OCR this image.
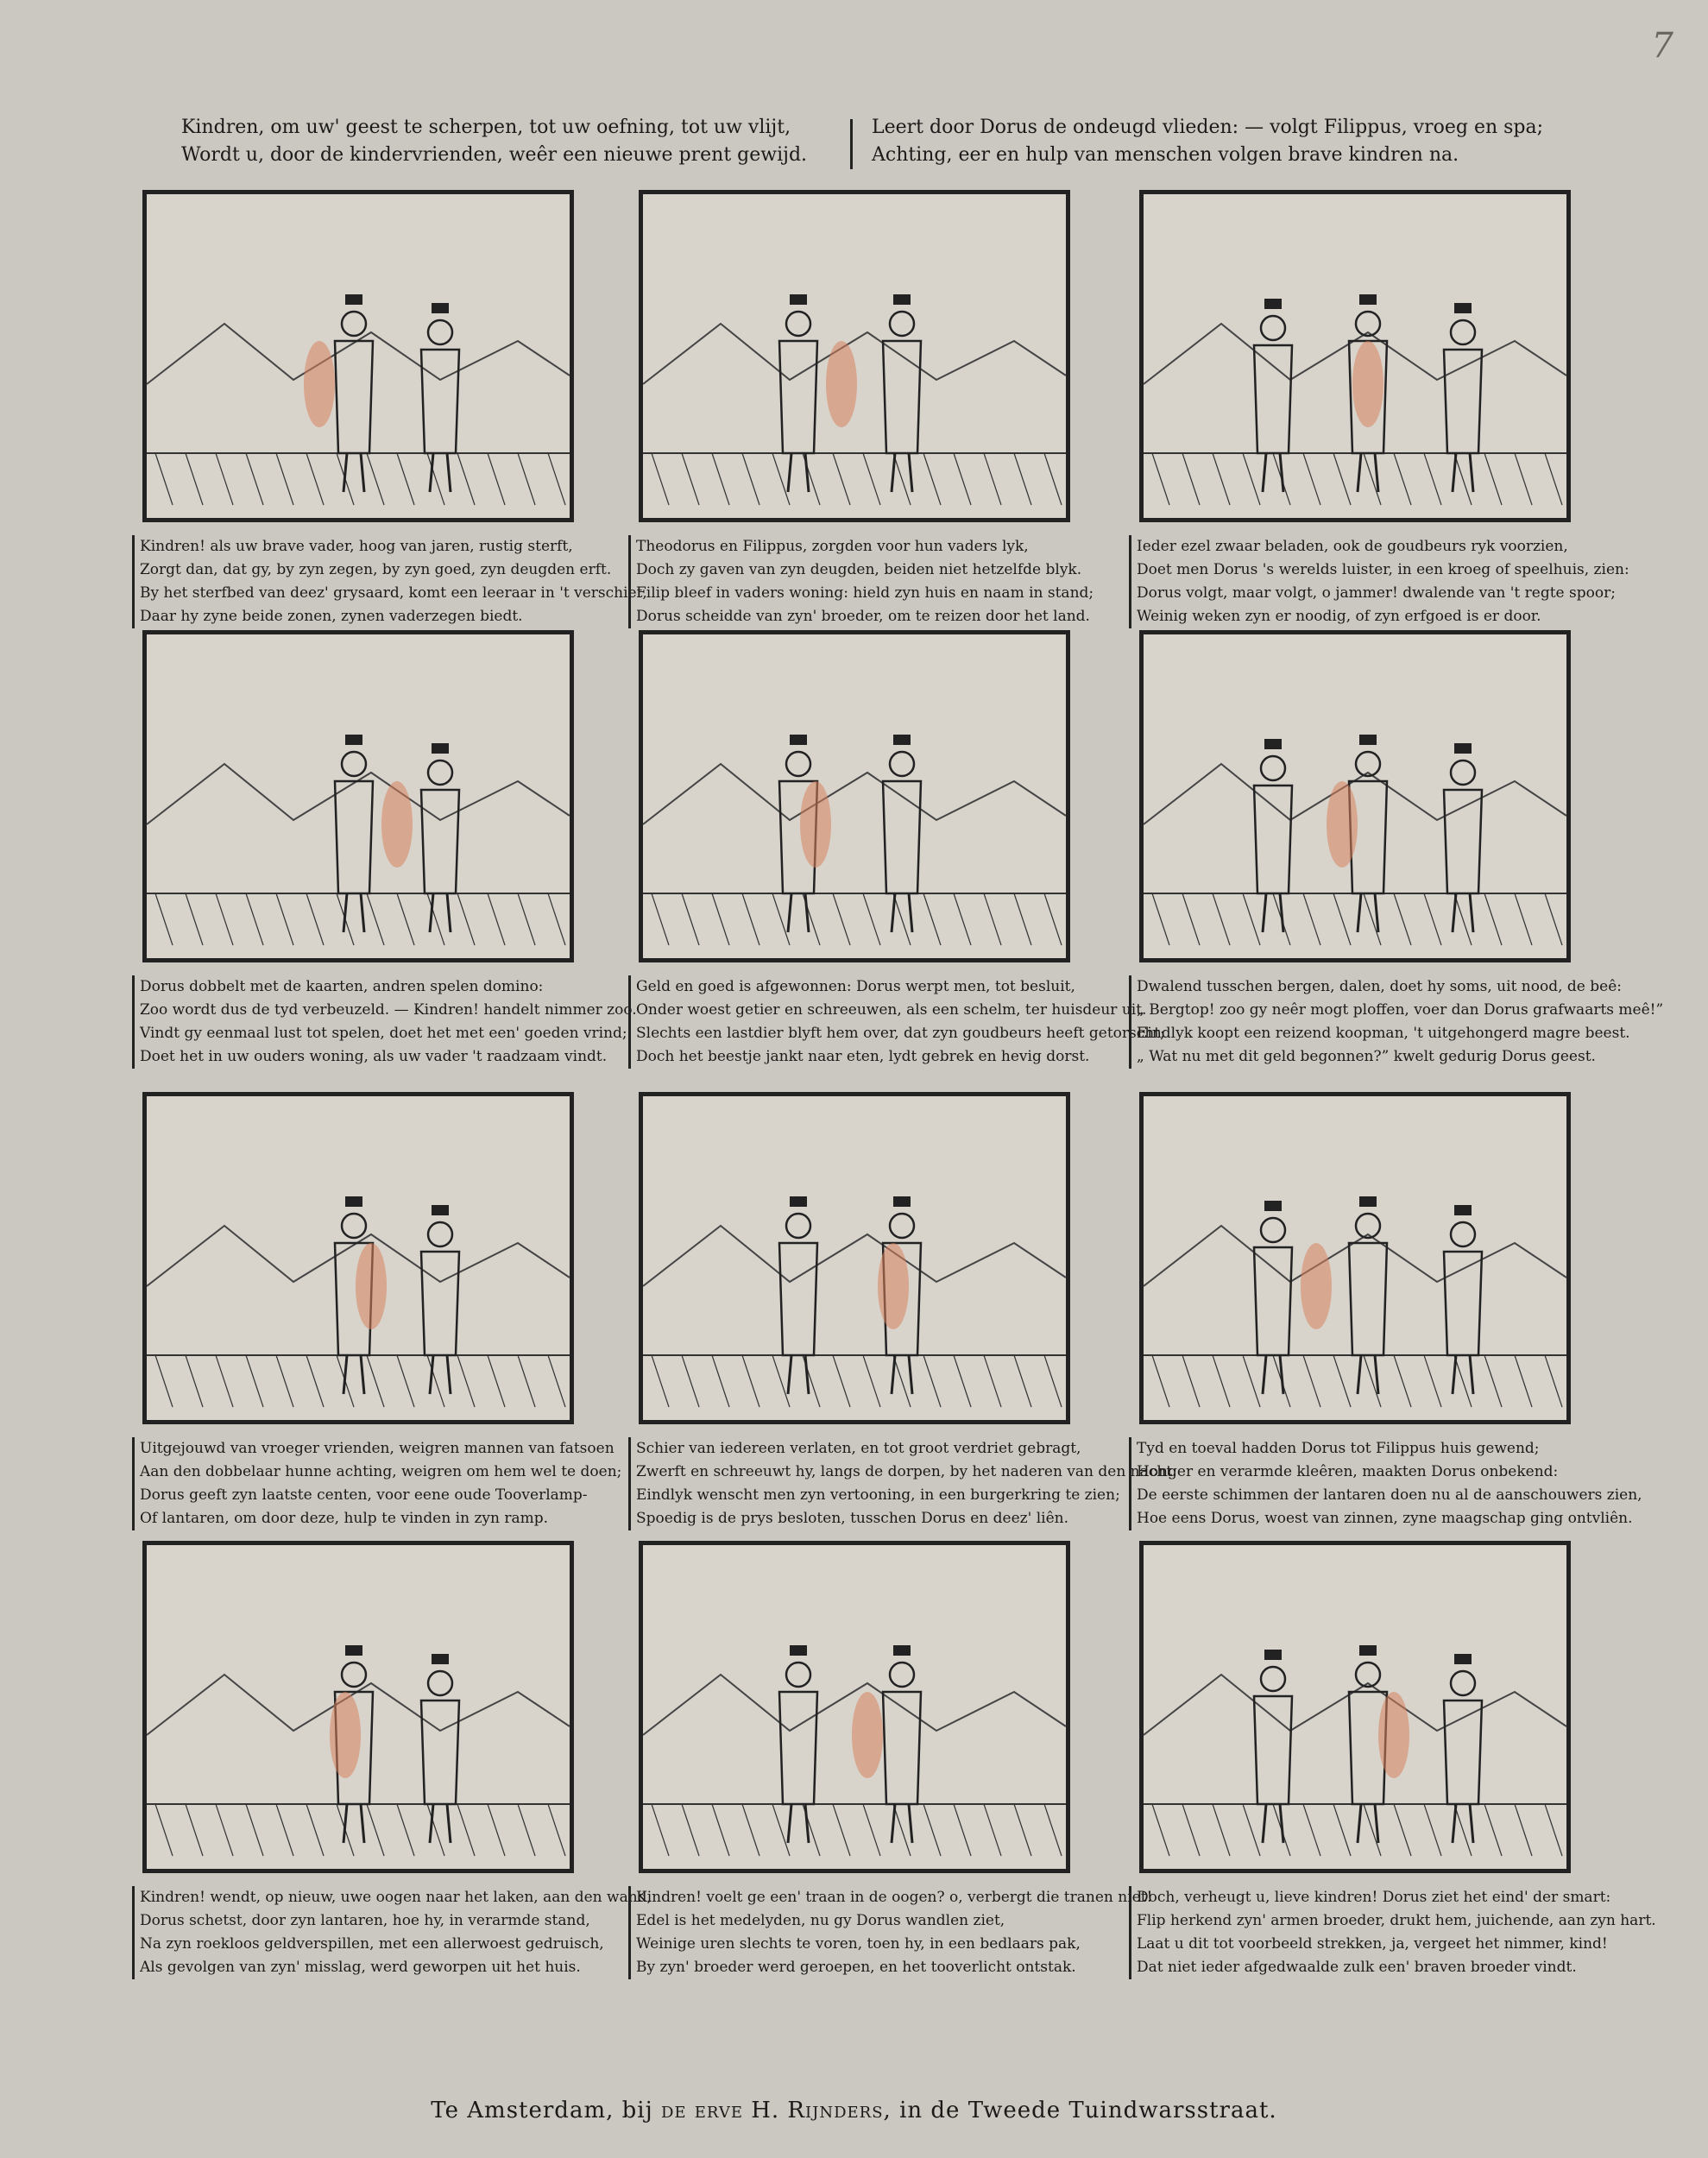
7
Kindren, om uw' geest te scherpen, tot uw oefning, tot uw vlijt,
Wordt u, door de kindervrienden, weêr een nieuwe prent gewijd.
Leert door Dorus de ondeugd vlieden: — volgt Filippus, vroeg en spa;
Achting, eer en hulp van menschen volgen brave kindren na.
Kindren! als uw brave vader, hoog van jaren, rustig sterft,
Zorgt dan, dat gy, by zyn zegen, by zyn goed, zyn deugden erft.
By het sterfbed van deez' grysaard, komt een leeraar in 't verschiet,
Daar hy zyne beide zonen, zynen vaderzegen biedt.
Theodorus en Filippus, zorgden voor hun vaders lyk,
Doch zy gaven van zyn deugden, beiden niet hetzelfde blyk.
Filip bleef in vaders woning: hield zyn huis en naam in stand;
Dorus scheidde van zyn' broeder, om te reizen door het land.
Ieder ezel zwaar beladen, ook de goudbeurs ryk voorzien,
Doet men Dorus 's werelds luister, in een kroeg of speelhuis, zien:
Dorus volgt, maar volgt, o jammer! dwalende van 't regte spoor;
Weinig weken zyn er noodig, of zyn erfgoed is er door.
Dorus dobbelt met de kaarten, andren spelen domino:
Zoo wordt dus de tyd verbeuzeld. — Kindren! handelt nimmer zoo.
Vindt gy eenmaal lust tot spelen, doet het met een' goeden vrind;
Doet het in uw ouders woning, als uw vader 't raadzaam vindt.
Geld en goed is afgewonnen: Dorus werpt men, tot besluit,
Onder woest getier en schreeuwen, als een schelm, ter huisdeur uit.
Slechts een lastdier blyft hem over, dat zyn goudbeurs heeft getorscht;
Doch het beestje jankt naar eten, lydt gebrek en hevig dorst.
Dwalend tusschen bergen, dalen, doet hy soms, uit nood, de beê:
„ Bergtop! zoo gy neêr mogt ploffen, voer dan Dorus grafwaarts meê!”
Eindlyk koopt een reizend koopman, 't uitgehongerd magre beest.
„ Wat nu met dit geld begonnen?” kwelt gedurig Dorus geest.
Uitgejouwd van vroeger vrienden, weigren mannen van fatsoen
Aan den dobbelaar hunne achting, weigren om hem wel te doen;
Dorus geeft zyn laatste centen, voor eene oude Tooverlamp-
Of lantaren, om door deze, hulp te vinden in zyn ramp.
Schier van iedereen verlaten, en tot groot verdriet gebragt,
Zwerft en schreeuwt hy, langs de dorpen, by het naderen van den nacht:
Eindlyk wenscht men zyn vertooning, in een burgerkring te zien;
Spoedig is de prys besloten, tusschen Dorus en deez' liên.
Tyd en toeval hadden Dorus tot Filippus huis gewend;
Honger en verarmde kleêren, maakten Dorus onbekend:
De eerste schimmen der lantaren doen nu al de aanschouwers zien,
Hoe eens Dorus, woest van zinnen, zyne maagschap ging ontvliên.
Kindren! wendt, op nieuw, uwe oogen naar het laken, aan den wand,
Dorus schetst, door zyn lantaren, hoe hy, in verarmde stand,
Na zyn roekloos geldverspillen, met een allerwoest gedruisch,
Als gevolgen van zyn' misslag, werd geworpen uit het huis.
Kindren! voelt ge een' traan in de oogen? o, verbergt die tranen niet!
Edel is het medelyden, nu gy Dorus wandlen ziet,
Weinige uren slechts te voren, toen hy, in een bedlaars pak,
By zyn' broeder werd geroepen, en het tooverlicht ontstak.
Doch, verheugt u, lieve kindren! Dorus ziet het eind' der smart:
Flip herkend zyn' armen broeder, drukt hem, juichende, aan zyn hart.
Laat u dit tot voorbeeld strekken, ja, vergeet het nimmer, kind!
Dat niet ieder afgedwaalde zulk een' braven broeder vindt.
Te Amsterdam, bij de erve H. Rijnders, in de Tweede Tuindwarsstraat.
